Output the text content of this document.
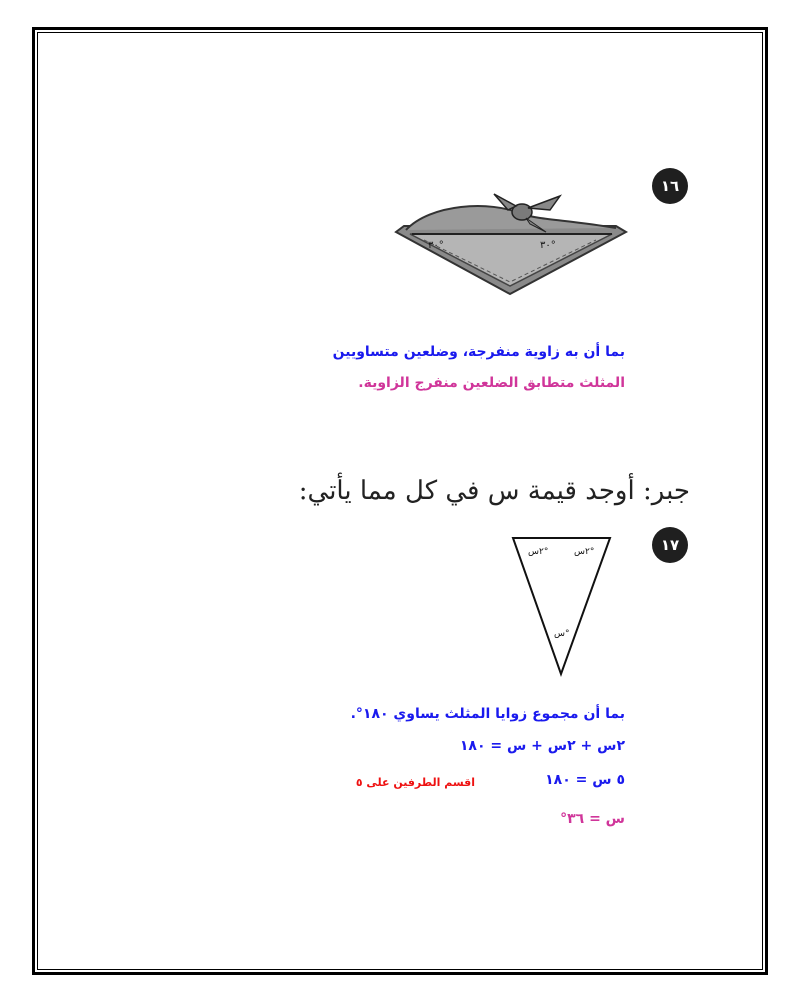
١٦
٣٠°	٣٠°
بما أن به زاوية منفرجة، وضلعين متساويين
المثلث متطابق الضلعين منفرج الزاوية.
جبر: أوجد قيمة س في كل مما يأتي:
١٧
٢س°	٢س°
س°
بما أن مجموع زوايا المثلث يساوي ١٨٠°.
٢س + ٢س + س = ١٨٠
٥ س = ١٨٠
اقسم الطرفين على ٥
س = ٣٦°
